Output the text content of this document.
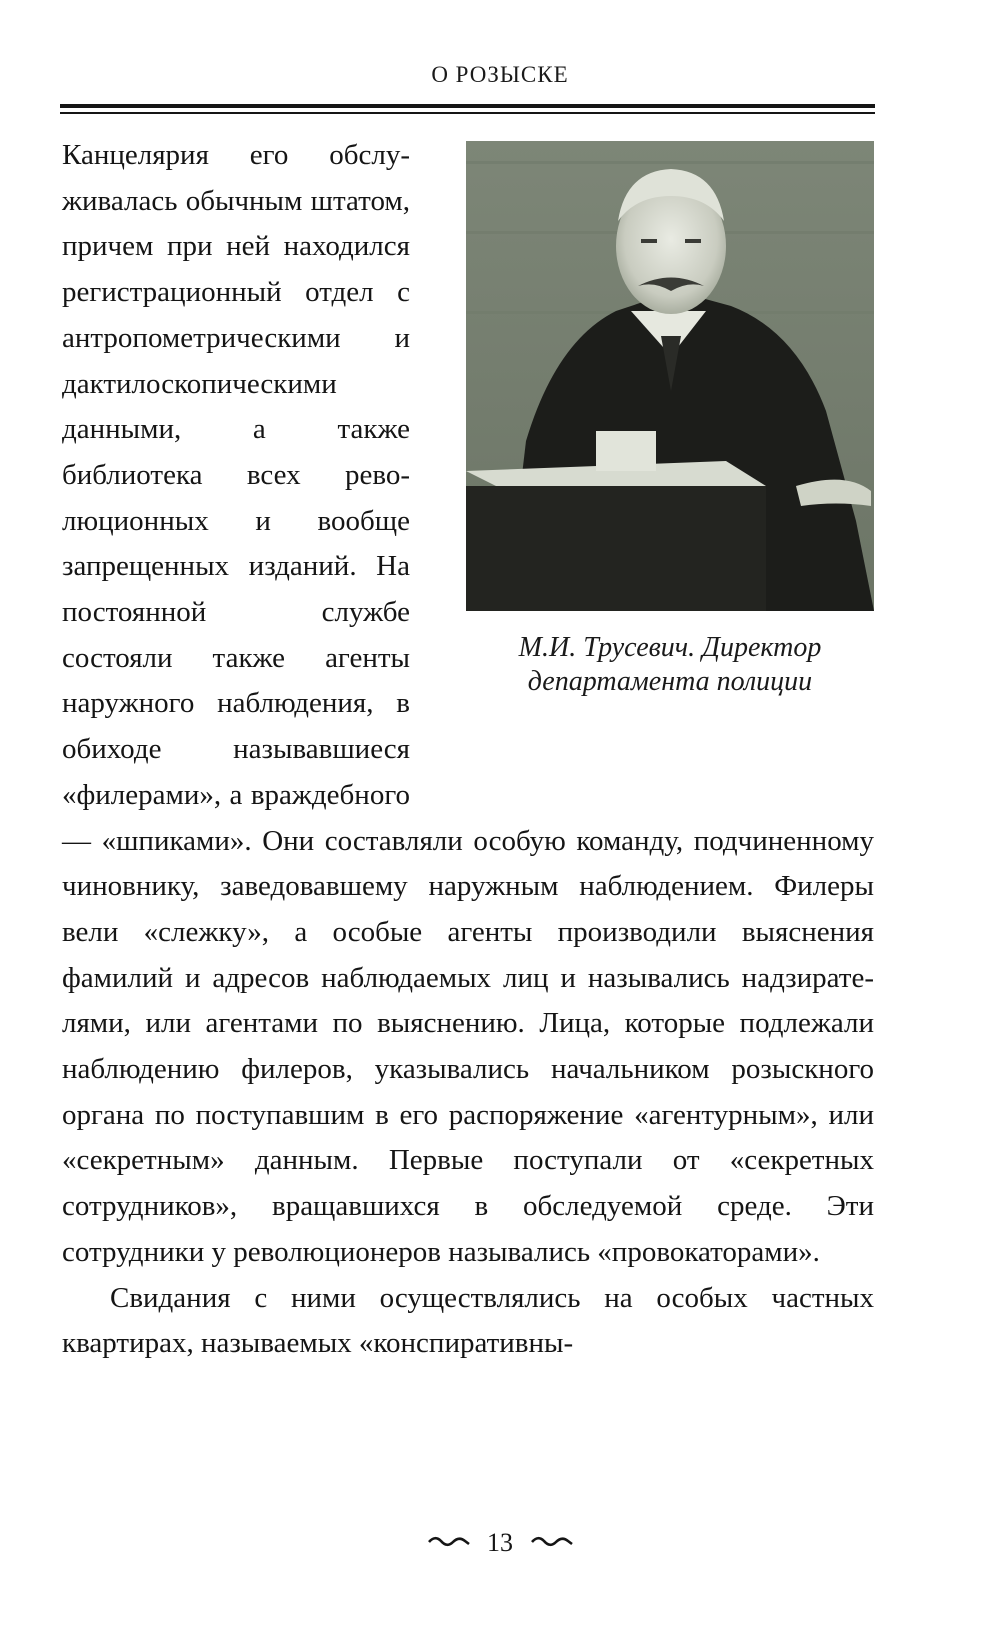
О РОЗЫСКЕ
М.И. Трусевич. Директор
департамента полиции

Канцелярия его обслуживалась обычным штатом, причем при ней находился регистрационный отдел с антропометрическими и дактилоскопическими данными, а также библиотека всех революционных и вообще запрещенных изданий. На постоянной службе состояли также агенты наружного наблюдения, в обиходе называвшиеся «филерами», а враждебного — «шпиками». Они составляли особую команду, подчиненному чиновнику, заведовавшему наружным наблюдением. Филеры вели «слежку», а особые агенты производили выяснения фамилий и адресов наблюдаемых лиц и назывались надзирателями, или агентами по выяснению. Лица, которые подлежали наблюдению филеров, указывались начальником розыскного органа по поступавшим в его распоряжение «агентурным», или «секретным» данным. Первые поступали от «секретных сотрудников», вращавшихся в обследуемой среде. Эти сотрудники у революционеров назывались «провокаторами».

Свидания с ними осуществлялись на особых частных квартирах, называемых «конспиративны-

13
